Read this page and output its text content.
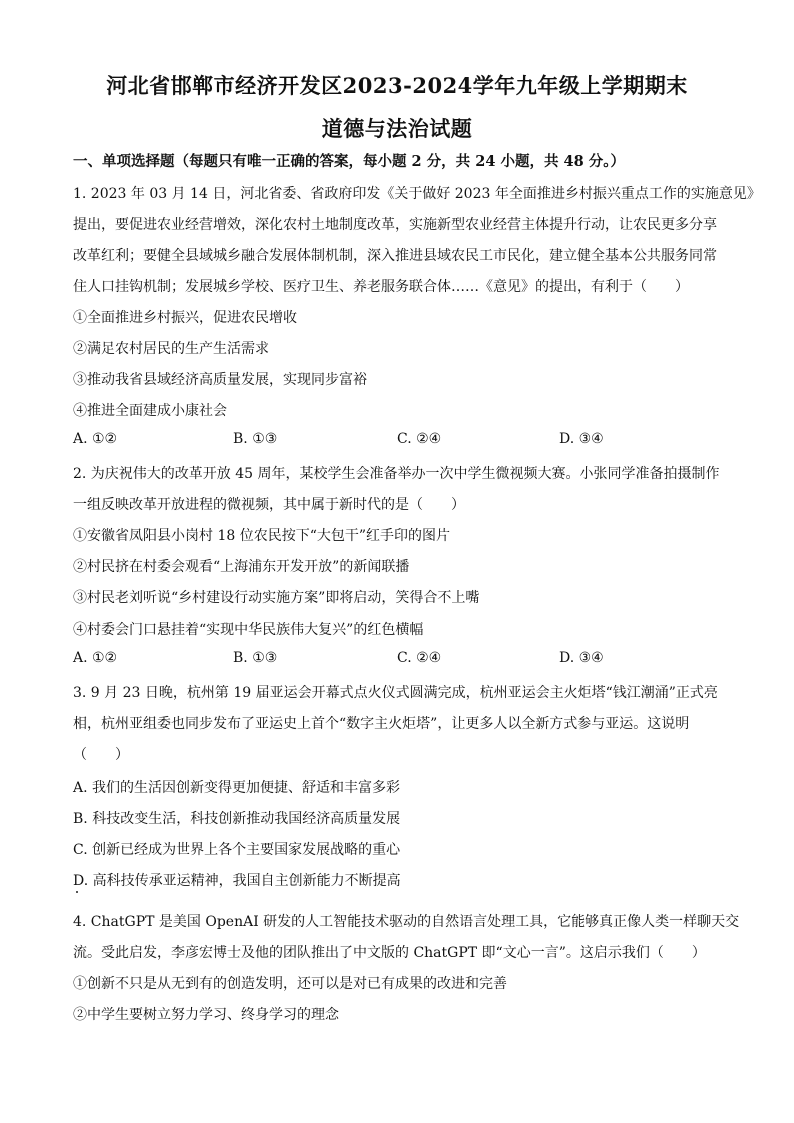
河北省邯郸市经济开发区2023-2024学年九年级上学期期末
道德与法治试题
一、单项选择题（每题只有唯一正确的答案，每小题 2 分，共 24 小题，共 48 分。）
1. 2023 年 03 月 14 日，河北省委、省政府印发《关于做好 2023 年全面推进乡村振兴重点工作的实施意见》
提出，要促进农业经营增效，深化农村土地制度改革，实施新型农业经营主体提升行动，让农民更多分享
改革红利；要健全县域城乡融合发展体制机制，深入推进县域农民工市民化，建立健全基本公共服务同常
住人口挂钩机制；发展城乡学校、医疗卫生、养老服务联合体……《意见》的提出，有利于（　　）
①全面推进乡村振兴，促进农民增收
②满足农村居民的生产生活需求
③推动我省县域经济高质量发展，实现同步富裕
④推进全面建成小康社会
A. ①②	B. ①③	C. ②④	D. ③④
2. 为庆祝伟大的改革开放 45 周年，某校学生会准备举办一次中学生微视频大赛。小张同学准备拍摄制作
一组反映改革开放进程的微视频，其中属于新时代的是（　　）
①安徽省凤阳县小岗村 18 位农民按下“大包干”红手印的图片
②村民挤在村委会观看“上海浦东开发开放”的新闻联播
③村民老刘听说“乡村建设行动实施方案”即将启动，笑得合不上嘴
④村委会门口悬挂着“实现中华民族伟大复兴”的红色横幅
A. ①②	B. ①③	C. ②④	D. ③④
3. 9 月 23 日晚，杭州第 19 届亚运会开幕式点火仪式圆满完成，杭州亚运会主火炬塔“钱江潮涌”正式亮
相，杭州亚组委也同步发布了亚运史上首个“数字主火炬塔”，让更多人以全新方式参与亚运。这说明
（　　）
A. 我们的生活因创新变得更加便捷、舒适和丰富多彩
B. 科技改变生活，科技创新推动我国经济高质量发展
C. 创新已经成为世界上各个主要国家发展战略的重心
D. 高科技传承亚运精神，我国自主创新能力不断提高
4. ChatGPT 是美国 OpenAI 研发的人工智能技术驱动的自然语言处理工具，它能够真正像人类一样聊天交
流。受此启发，李彦宏博士及他的团队推出了中文版的 ChatGPT 即“文心一言”。这启示我们（　　）
①创新不只是从无到有的创造发明，还可以是对已有成果的改进和完善
②中学生要树立努力学习、终身学习的理念
